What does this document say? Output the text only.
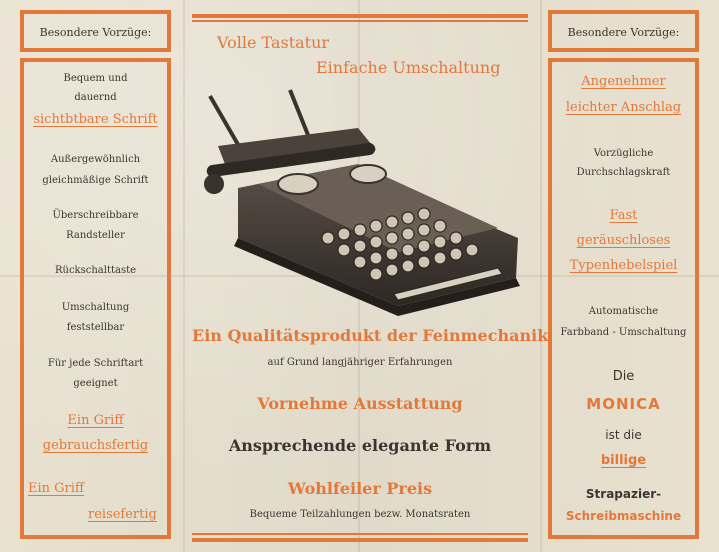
Besondere Vorzüge:
Bequem und
dauernd
sichtbtbare Schrift
Außergewöhnlich
gleichmäßige Schrift
Überschreibbare
Randsteller
Rückschalttaste
Umschaltung
feststellbar
Für jede Schriftart
geeignet
Ein Griff
gebrauchsfertig
Ein Griff
reisefertig
Volle Tastatur
Einfache Umschaltung
Ein Qualitätsprodukt der Feinmechanik
auf Grund langjähriger Erfahrungen
Vornehme Ausstattung
Ansprechende elegante Form
Wohlfeiler Preis
Bequeme Teilzahlungen bezw. Monatsraten
Besondere Vorzüge:
Angenehmer
leichter Anschlag
Vorzügliche
Durchschlagskraft
Fast
geräuschloses
Typenhebelspiel
Automatische
Farbband - Umschaltung
Die
MONICA
ist die
billige
Strapazier-
Schreibmaschine
